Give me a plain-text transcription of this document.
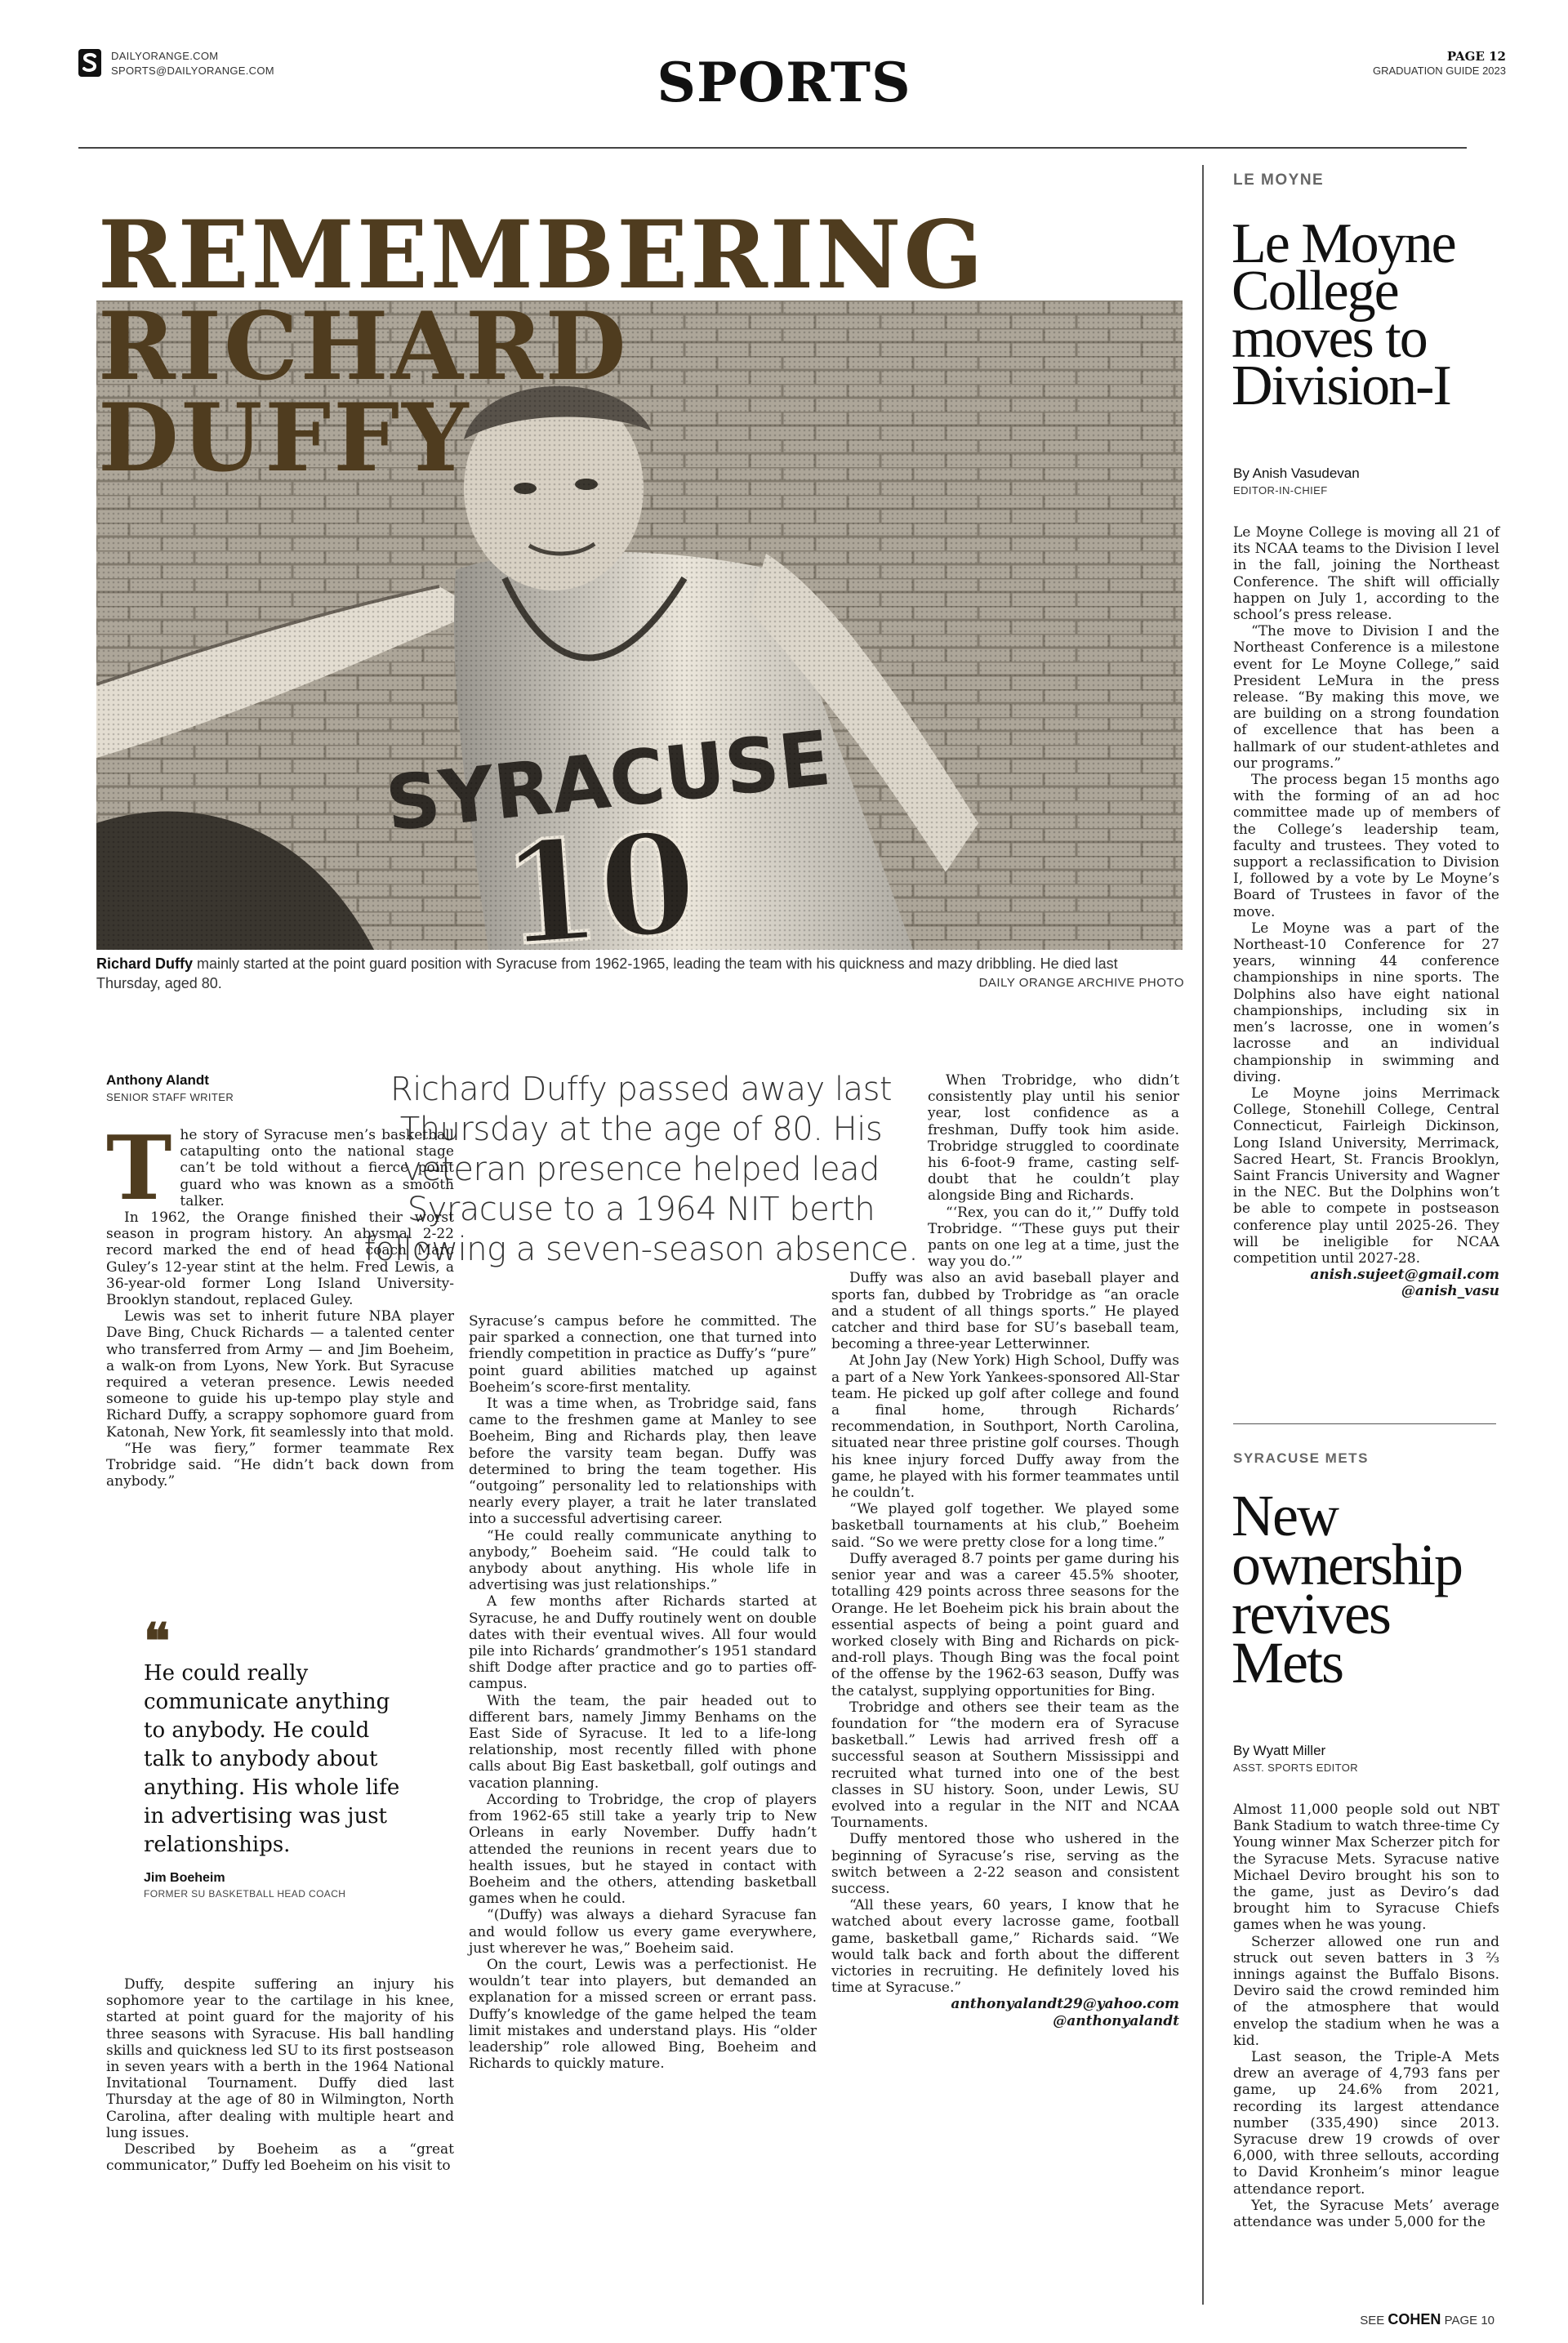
DAILYORANGE.COM
SPORTS@DAILYORANGE.COM	SPORTS	PAGE 12
GRADUATION GUIDE 2023
REMEMBERING
RICHARD
DUFFY
Richard Duffy mainly started at the point guard position with Syracuse from 1962-1965, leading the team with his quickness and mazy dribbling. He died last Thursday, aged 80.	DAILY ORANGE ARCHIVE PHOTO
Anthony Alandt
SENIOR STAFF WRITER	Richard Duffy passed away last Thursday at the age of 80. His veteran presence helped lead Syracuse to a 1964 NIT berth following a seven-season absence.

The story of Syracuse men’s basketball catapulting onto the national stage can’t be told without a fierce point guard who was known as a smooth talker.

In 1962, the Orange finished their worst season in program history. An abysmal 2-22 record marked the end of head coach Marc Guley’s 12-year stint at the helm. Fred Lewis, a 36-year-old former Long Island University-Brooklyn standout, replaced Guley.

Lewis was set to inherit future NBA player Dave Bing, Chuck Richards — a talented center who transferred from Army — and Jim Boeheim, a walk-on from Lyons, New York. But Syracuse required a veteran presence. Lewis needed someone to guide his up-tempo play style and Richard Duffy, a scrappy sophomore guard from Katonah, New York, fit seamlessly into that mold.

“He was fiery,” former teammate Rex Trobridge said. “He didn’t back down from anybody.”

❝
He could really communicate anything to anybody. He could talk to anybody about anything. His whole life in advertising was just relationships.
Jim Boeheim
FORMER SU BASKETBALL HEAD COACH

Duffy, despite suffering an injury his sophomore year to the cartilage in his knee, started at point guard for the majority of his three seasons with Syracuse. His ball handling skills and quickness led SU to its first postseason in seven years with a berth in the 1964 National Invitational Tournament. Duffy died last Thursday at the age of 80 in Wilmington, North Carolina, after dealing with multiple heart and lung issues.

Described by Boeheim as a “great communicator,” Duffy led Boeheim on his visit to

Syracuse’s campus before he committed. The pair sparked a connection, one that turned into friendly competition in practice as Duffy’s “pure” point guard abilities matched up against Boeheim’s score-first mentality.

It was a time when, as Trobridge said, fans came to the freshmen game at Manley to see Boeheim, Bing and Richards play, then leave before the varsity team began. Duffy was determined to bring the team together. His “outgoing” personality led to relationships with nearly every player, a trait he later translated into a successful advertising career.

“He could really communicate anything to anybody,” Boeheim said. “He could talk to anybody about anything. His whole life in advertising was just relationships.”

A few months after Richards started at Syracuse, he and Duffy routinely went on double dates with their eventual wives. All four would pile into Richards’ grandmother’s 1951 standard shift Dodge after practice and go to parties off-campus.

With the team, the pair headed out to different bars, namely Jimmy Benhams on the East Side of Syracuse. It led to a life-long relationship, most recently filled with phone calls about Big East basketball, golf outings and vacation planning.

According to Trobridge, the crop of players from 1962-65 still take a yearly trip to New Orleans in early November. Duffy hadn’t attended the reunions in recent years due to health issues, but he stayed in contact with Boeheim and the others, attending basketball games when he could.

“(Duffy) was always a diehard Syracuse fan and would follow us every game everywhere, just wherever he was,” Boeheim said.

On the court, Lewis was a perfectionist. He wouldn’t tear into players, but demanded an explanation for a missed screen or errant pass. Duffy’s knowledge of the game helped the team limit mistakes and understand plays. His “older leadership” role allowed Bing, Boeheim and Richards to quickly mature.

When Trobridge, who didn’t consistently play until his senior year, lost confidence as a freshman, Duffy took him aside. Trobridge struggled to coordinate his 6-foot-9 frame, casting self-doubt that he couldn’t play alongside Bing and Richards.

“‘Rex, you can do it,’” Duffy told Trobridge. “‘These guys put their pants on one leg at a time, just the way you do.’”

Duffy was also an avid baseball player and sports fan, dubbed by Trobridge as “an oracle and a student of all things sports.” He played catcher and third base for SU’s baseball team, becoming a three-year Letterwinner.

At John Jay (New York) High School, Duffy was a part of a New York Yankees-sponsored All-Star team. He picked up golf after college and found a final home, through Richards’ recommendation, in Southport, North Carolina, situated near three pristine golf courses. Though his knee injury forced Duffy away from the game, he played with his former teammates until he couldn’t.

“We played golf together. We played some basketball tournaments at his club,” Boeheim said. “So we were pretty close for a long time.”

Duffy averaged 8.7 points per game during his senior year and was a career 45.5% shooter, totalling 429 points across three seasons for the Orange. He let Boeheim pick his brain about the essential aspects of being a point guard and worked closely with Bing and Richards on pick-and-roll plays. Though Bing was the focal point of the offense by the 1962-63 season, Duffy was the catalyst, supplying opportunities for Bing.

Trobridge and others see their team as the foundation for “the modern era of Syracuse basketball.” Lewis had arrived fresh off a successful season at Southern Mississippi and recruited what turned into one of the best classes in SU history. Soon, under Lewis, SU evolved into a regular in the NIT and NCAA Tournaments.

Duffy mentored those who ushered in the beginning of Syracuse’s rise, serving as the switch between a 2-22 season and consistent success.

“All these years, 60 years, I know that he watched about every lacrosse game, football game, basketball game,” Richards said. “We would talk back and forth about the different victories in recruiting. He definitely loved his time at Syracuse.”

anthonyalandt29@yahoo.com

@anthonyalandt

LE MOYNE
Le Moyne College moves to Division-I
By Anish Vasudevan
EDITOR-IN-CHIEF

Le Moyne College is moving all 21 of its NCAA teams to the Division I level in the fall, joining the Northeast Conference. The shift will officially happen on July 1, according to the school’s press release.

“The move to Division I and the Northeast Conference is a milestone event for Le Moyne College,” said President LeMura in the press release. “By making this move, we are building on a strong foundation of excellence that has been a hallmark of our student-athletes and our programs.”

The process began 15 months ago with the forming of an ad hoc committee made up of members of the College’s leadership team, faculty and trustees. They voted to support a reclassification to Division I, followed by a vote by Le Moyne’s Board of Trustees in favor of the move.

Le Moyne was a part of the Northeast-10 Conference for 27 years, winning 44 conference championships in nine sports. The Dolphins also have eight national championships, including six in men’s lacrosse, one in women’s lacrosse and an individual championship in swimming and diving.

Le Moyne joins Merrimack College, Stonehill College, Central Connecticut, Fairleigh Dickinson, Long Island University, Merrimack, Sacred Heart, St. Francis Brooklyn, Saint Francis University and Wagner in the NEC. But the Dolphins won’t be able to compete in postseason conference play until 2025-26. They will be ineligible for NCAA competition until 2027-28.

anish.sujeet@gmail.com

@anish_vasu

SYRACUSE METS
New ownership revives Mets
By Wyatt Miller
ASST. SPORTS EDITOR

Almost 11,000 people sold out NBT Bank Stadium to watch three-time Cy Young winner Max Scherzer pitch for the Syracuse Mets. Syracuse native Michael Deviro brought his son to the game, just as Deviro’s dad brought him to Syracuse Chiefs games when he was young.

Scherzer allowed one run and struck out seven batters in 3 ⅔ innings against the Buffalo Bisons. Deviro said the crowd reminded him of the atmosphere that would envelop the stadium when he was a kid.

Last season, the Triple-A Mets drew an average of 4,793 fans per game, up 24.6% from 2021, recording its largest attendance number (335,490) since 2013. Syracuse drew 19 crowds of over 6,000, with three sellouts, according to David Kronheim’s minor league attendance report.

Yet, the Syracuse Mets’ average attendance was under 5,000 for the

SEE COHEN PAGE 10
